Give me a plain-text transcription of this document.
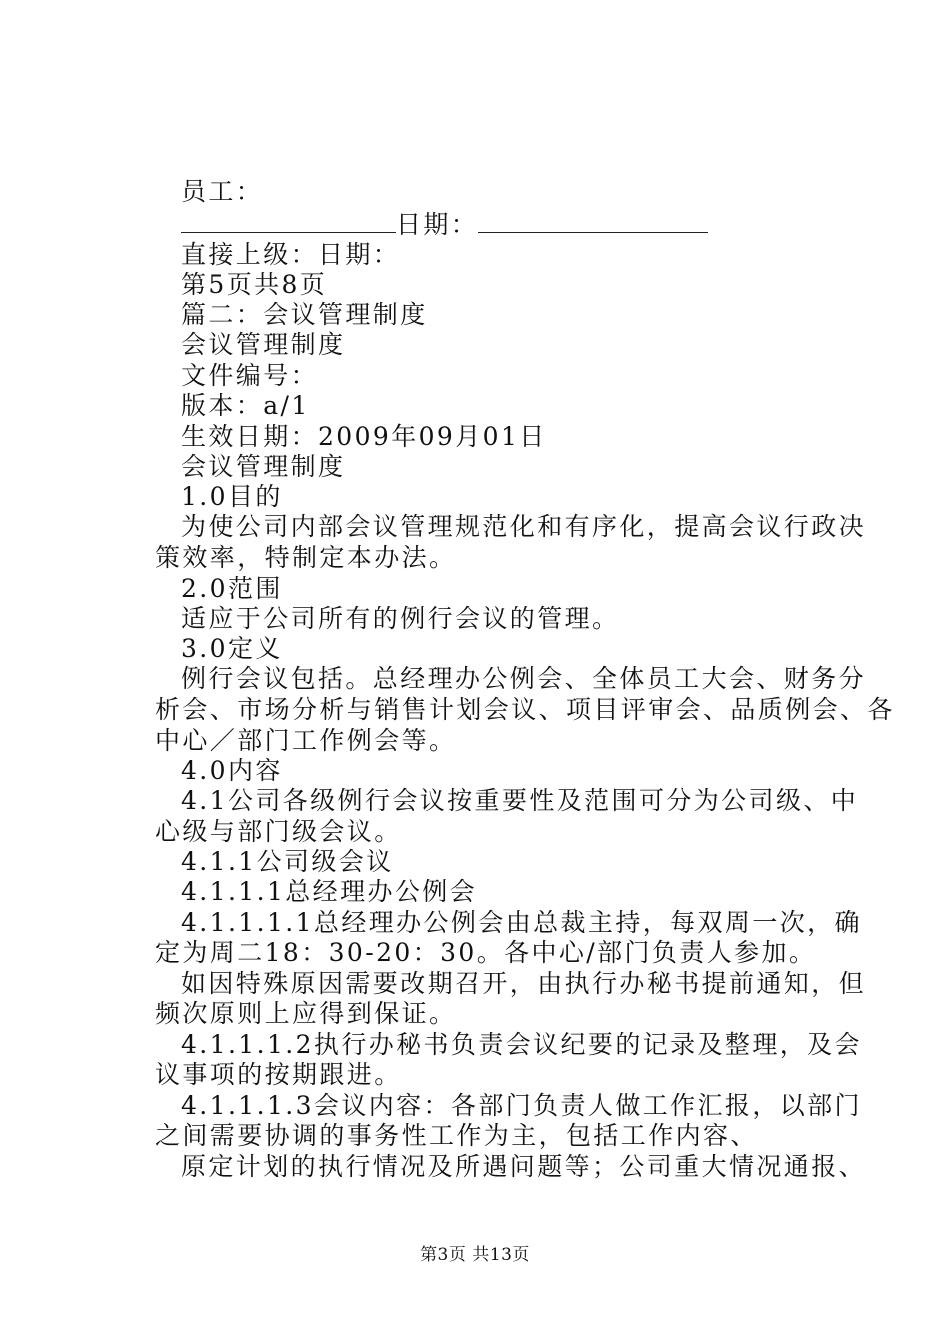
员工：
日期：
直接上级：日期：
第5页共8页
篇二：会议管理制度
会议管理制度
文件编号：
版本：a/1
生效日期：2009年09月01日
会议管理制度
1.0目的
为使公司内部会议管理规范化和有序化，提高会议行政决
策效率，特制定本办法。
2.0范围
适应于公司所有的例行会议的管理。
3.0定义
例行会议包括。总经理办公例会、全体员工大会、财务分
析会、市场分析与销售计划会议、项目评审会、品质例会、各
中心／部门工作例会等。
4.0内容
4.1公司各级例行会议按重要性及范围可分为公司级、中
心级与部门级会议。
4.1.1公司级会议
4.1.1.1总经理办公例会
4.1.1.1.1总经理办公例会由总裁主持，每双周一次，确
定为周二18：30-20：30。各中心/部门负责人参加。
如因特殊原因需要改期召开，由执行办秘书提前通知，但
频次原则上应得到保证。
4.1.1.1.2执行办秘书负责会议纪要的记录及整理，及会
议事项的按期跟进。
4.1.1.1.3会议内容：各部门负责人做工作汇报，以部门
之间需要协调的事务性工作为主，包括工作内容、
原定计划的执行情况及所遇问题等；公司重大情况通报、
第3页 共13页
